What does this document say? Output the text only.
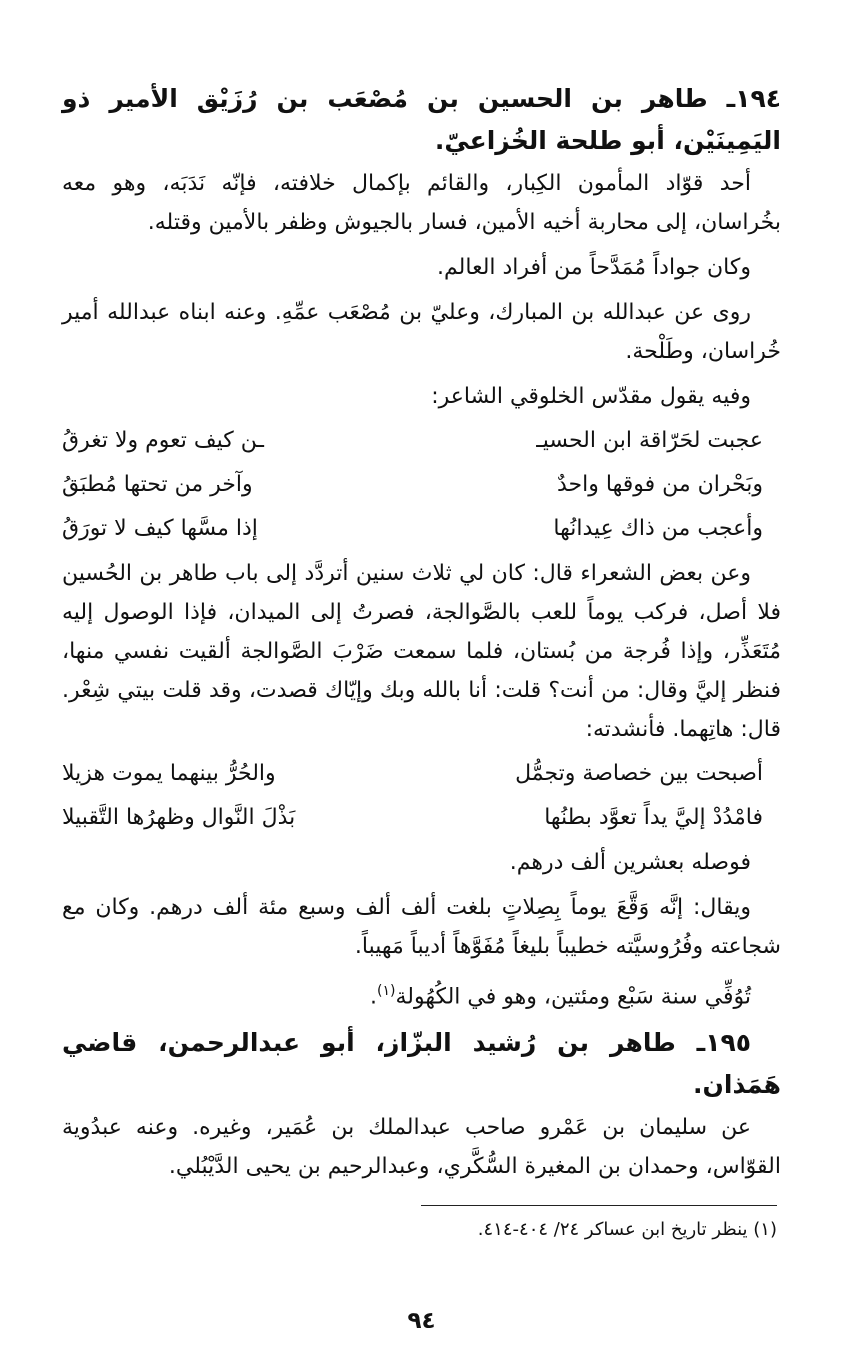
١٩٤ـ طاهر بن الحسين بن مُصْعَب بن رُزَيْق الأمير ذو اليَمِينَيْن، أبو طلحة الخُزاعيّ.
أحد قوّاد المأمون الكِبار، والقائم بإكمال خلافته، فإنّه نَدَبَه، وهو معه بخُراسان، إلى محاربة أخيه الأمين، فسار بالجيوش وظفر بالأمين وقتله.
وكان جواداً مُمَدَّحاً من أفراد العالم.
روى عن عبدالله بن المبارك، وعليّ بن مُصْعَب عمِّهِ. وعنه ابناه عبدالله أمير خُراسان، وطَلْحة.
وفيه يقول مقدّس الخلوقي الشاعر:
عجبت لحَرّاقة ابن الحسيـ
ـن كيف تعوم ولا تغرقُ
وبَحْران من فوقها واحدٌ
وآخر من تحتها مُطبَقُ
وأعجب من ذاك عِيدانُها
إذا مسَّها كيف لا تورَقُ
وعن بعض الشعراء قال: كان لي ثلاث سنين أتردَّد إلى باب طاهر بن الحُسين فلا أصل، فركب يوماً للعب بالصَّوالجة، فصرتُ إلى الميدان، فإذا الوصول إليه مُتَعَذِّر، وإذا فُرجة من بُستان، فلما سمعت ضَرْبَ الصَّوالجة ألقيت نفسي منها، فنظر إليَّ وقال: من أنت؟ قلت: أنا بالله وبك وإيّاك قصدت، وقد قلت بيتي شِعْر. قال: هاتِهما. فأنشدته:
أصبحت بين خصاصة وتجمُّل
والحُرُّ بينهما يموت هزيلا
فامْدُدْ إليَّ يداً تعوَّد بطنُها
بَذْلَ النَّوال وظهرُها التَّقبيلا
فوصله بعشرين ألف درهم.
ويقال: إنَّه وَقَّعَ يوماً بِصِلاتٍ بلغت ألف ألف وسبع مئة ألف درهم. وكان مع شجاعته وفُرُوسيَّته خطيباً بليغاً مُفَوَّهاً أديباً مَهيباً.
تُوُفِّي سنة سَبْع ومئتين، وهو في الكُهُولة$^{(١)}$.
١٩٥ـ طاهر بن رُشيد البزّاز، أبو عبدالرحمن، قاضي هَمَذان.
عن سليمان بن عَمْرو صاحب عبدالملك بن عُمَير، وغيره. وعنه عبدُوية القوّاس، وحمدان بن المغيرة السُّكَّري، وعبدالرحيم بن يحيى الدَّيْبُلي.
(١) ينظر تاريخ ابن عساكر ٢٤/ ٤٠٤-٤١٤.
٩٤
